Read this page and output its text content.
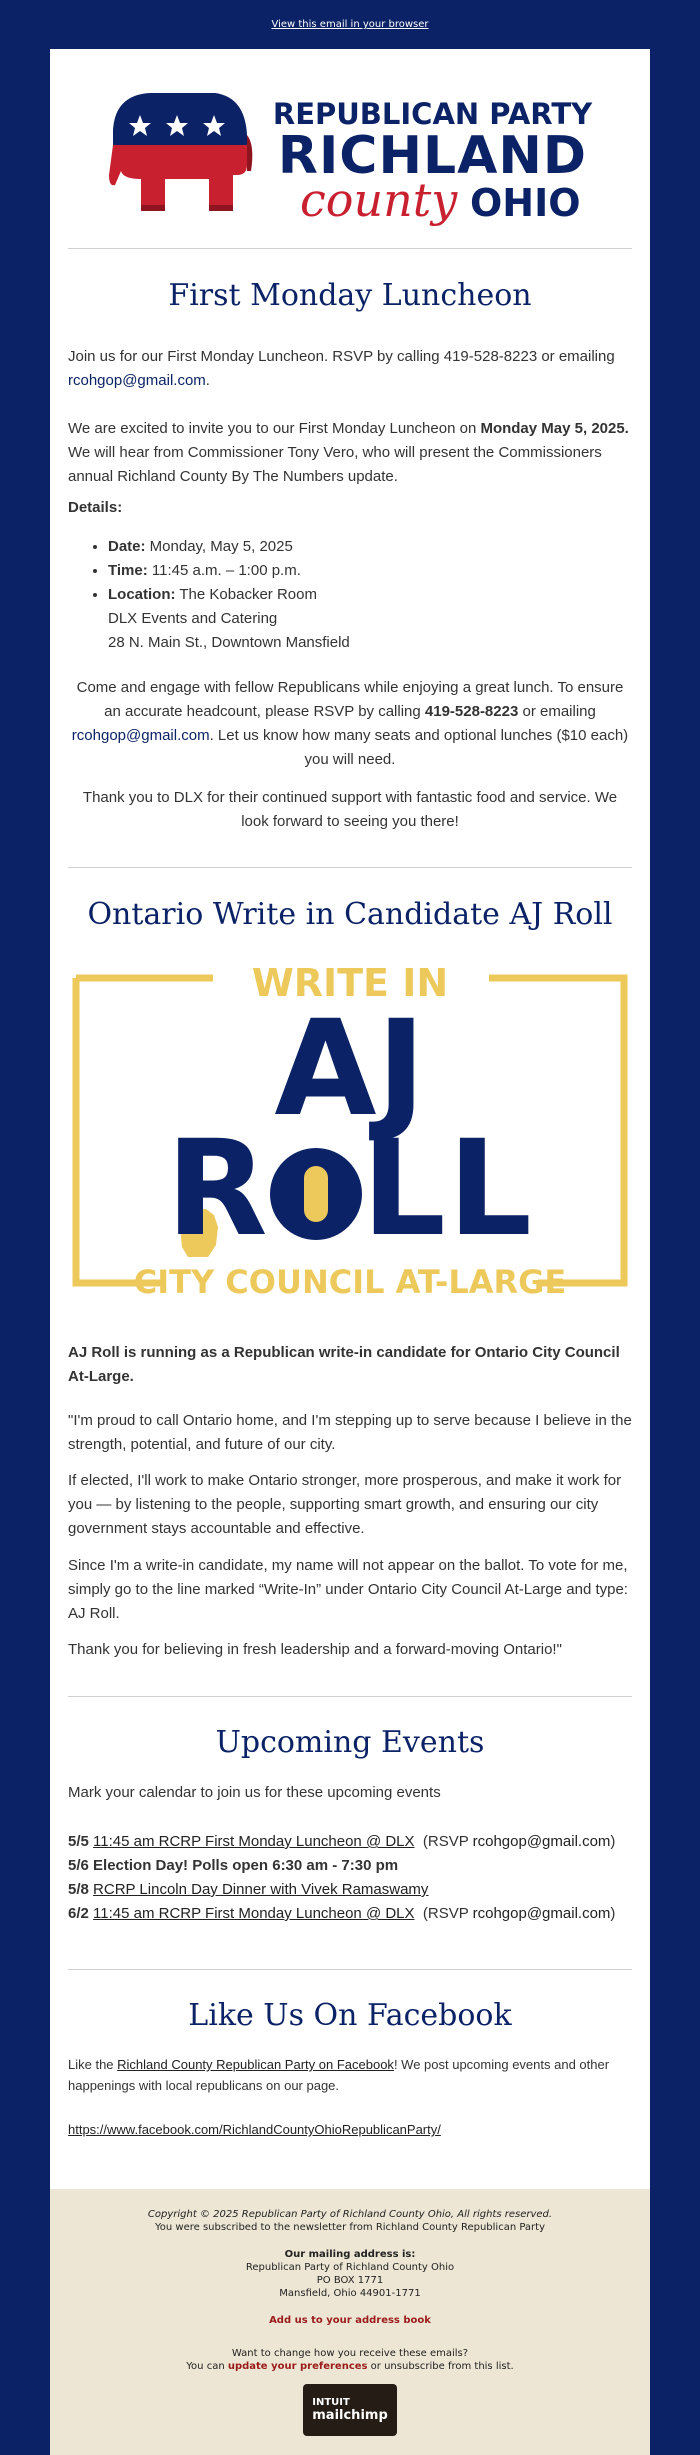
View this email in your browser
REPUBLICAN PARTY
RICHLAND
county OHIO
First Monday Luncheon
Join us for our First Monday Luncheon. RSVP by calling 419-528-8223 or emailing rcohgop@gmail.com.
We are excited to invite you to our First Monday Luncheon on Monday May 5, 2025. We will hear from Commissioner Tony Vero, who will present the Commissioners annual Richland County By The Numbers update.
Details:
• Date: Monday, May 5, 2025
• Time: 11:45 a.m. – 1:00 p.m.
• Location: The Kobacker Room
DLX Events and Catering
28 N. Main St., Downtown Mansfield
Come and engage with fellow Republicans while enjoying a great lunch. To ensure an accurate headcount, please RSVP by calling 419-528-8223 or emailing rcohgop@gmail.com. Let us know how many seats and optional lunches ($10 each) you will need.
Thank you to DLX for their continued support with fantastic food and service. We look forward to seeing you there!
Ontario Write in Candidate AJ Roll
WRITE IN
AJ
R LL
CITY COUNCIL AT-LARGE
AJ Roll is running as a Republican write-in candidate for Ontario City Council At-Large.
"I'm proud to call Ontario home, and I'm stepping up to serve because I believe in the strength, potential, and future of our city.
If elected, I'll work to make Ontario stronger, more prosperous, and make it work for you — by listening to the people, supporting smart growth, and ensuring our city government stays accountable and effective.
Since I'm a write-in candidate, my name will not appear on the ballot. To vote for me, simply go to the line marked “Write-In” under Ontario City Council At-Large and type: AJ Roll.
Thank you for believing in fresh leadership and a forward-moving Ontario!"
Upcoming Events
Mark your calendar to join us for these upcoming events
5/5 11:45 am RCRP First Monday Luncheon @ DLX (RSVP rcohgop@gmail.com)
5/6 Election Day! Polls open 6:30 am - 7:30 pm
5/8 RCRP Lincoln Day Dinner with Vivek Ramaswamy
6/2 11:45 am RCRP First Monday Luncheon @ DLX (RSVP rcohgop@gmail.com)
Like Us On Facebook
Like the Richland County Republican Party on Facebook! We post upcoming events and other happenings with local republicans on our page.
https://www.facebook.com/RichlandCountyOhioRepublicanParty/
Copyright © 2025 Republican Party of Richland County Ohio, All rights reserved.
You were subscribed to the newsletter from Richland County Republican Party
Our mailing address is:
Republican Party of Richland County Ohio
PO BOX 1771
Mansfield, Ohio 44901-1771
Add us to your address book
Want to change how you receive these emails?
You can update your preferences or unsubscribe from this list.
INTUIT
mailchimp
